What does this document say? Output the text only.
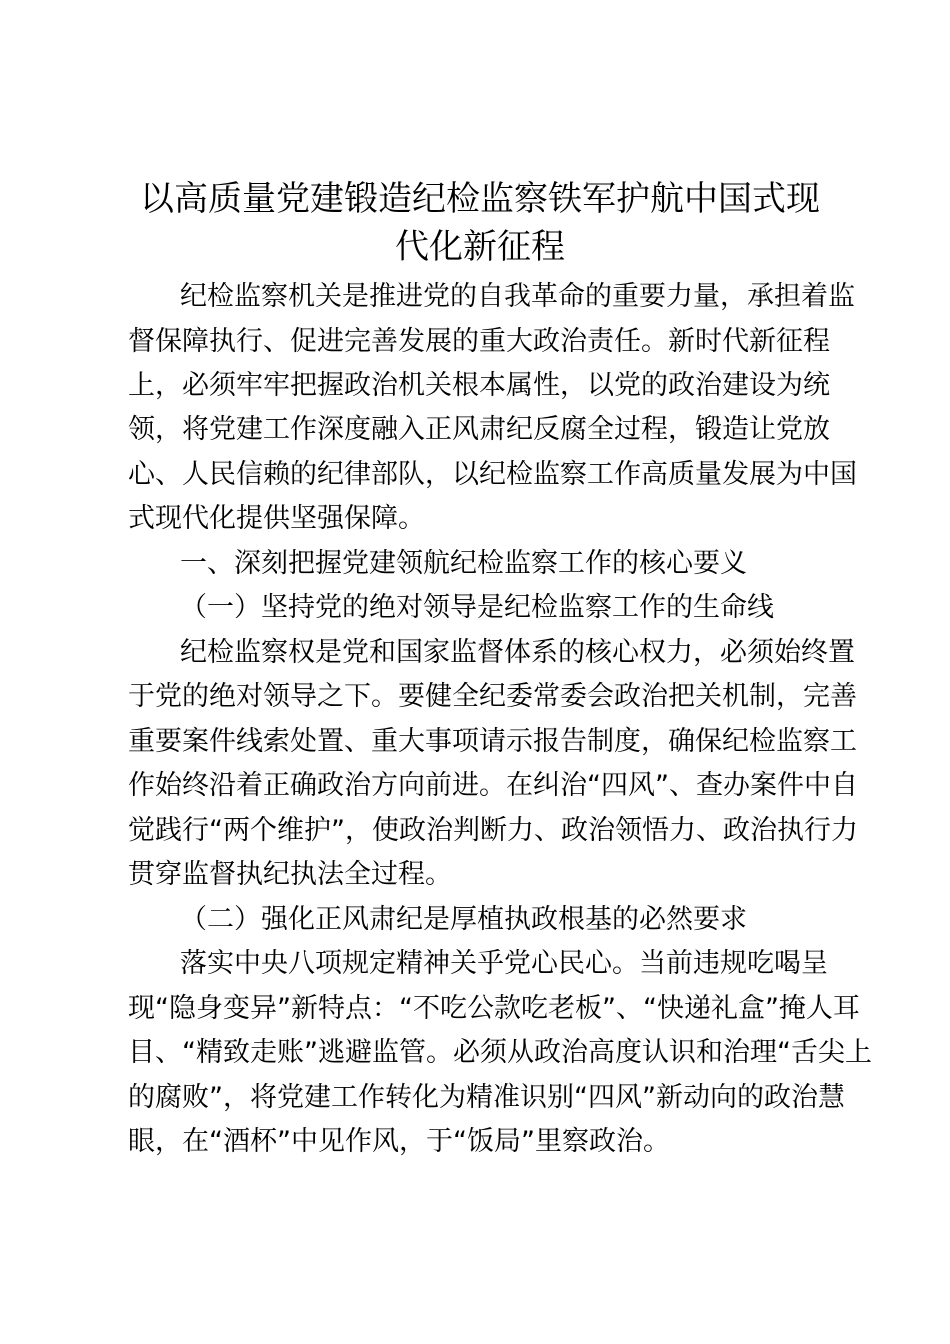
以高质量党建锻造纪检监察铁军护航中国式现
代化新征程

纪检监察机关是推进党的自我革命的重要力量，承担着监

督保障执行、促进完善发展的重大政治责任。新时代新征程

上，必须牢牢把握政治机关根本属性，以党的政治建设为统

领，将党建工作深度融入正风肃纪反腐全过程，锻造让党放

心、人民信赖的纪律部队，以纪检监察工作高质量发展为中国

式现代化提供坚强保障。

一、深刻把握党建领航纪检监察工作的核心要义

（一）坚持党的绝对领导是纪检监察工作的生命线

纪检监察权是党和国家监督体系的核心权力，必须始终置

于党的绝对领导之下。要健全纪委常委会政治把关机制，完善

重要案件线索处置、重大事项请示报告制度，确保纪检监察工

作始终沿着正确政治方向前进。在纠治“四风”、查办案件中自

觉践行“两个维护”，使政治判断力、政治领悟力、政治执行力

贯穿监督执纪执法全过程。

（二）强化正风肃纪是厚植执政根基的必然要求

落实中央八项规定精神关乎党心民心。当前违规吃喝呈

现“隐身变异”新特点：“不吃公款吃老板”、“快递礼盒”掩人耳

目、“精致走账”逃避监管。必须从政治高度认识和治理“舌尖上

的腐败”，将党建工作转化为精准识别“四风”新动向的政治慧

眼，在“酒杯”中见作风，于“饭局”里察政治。
